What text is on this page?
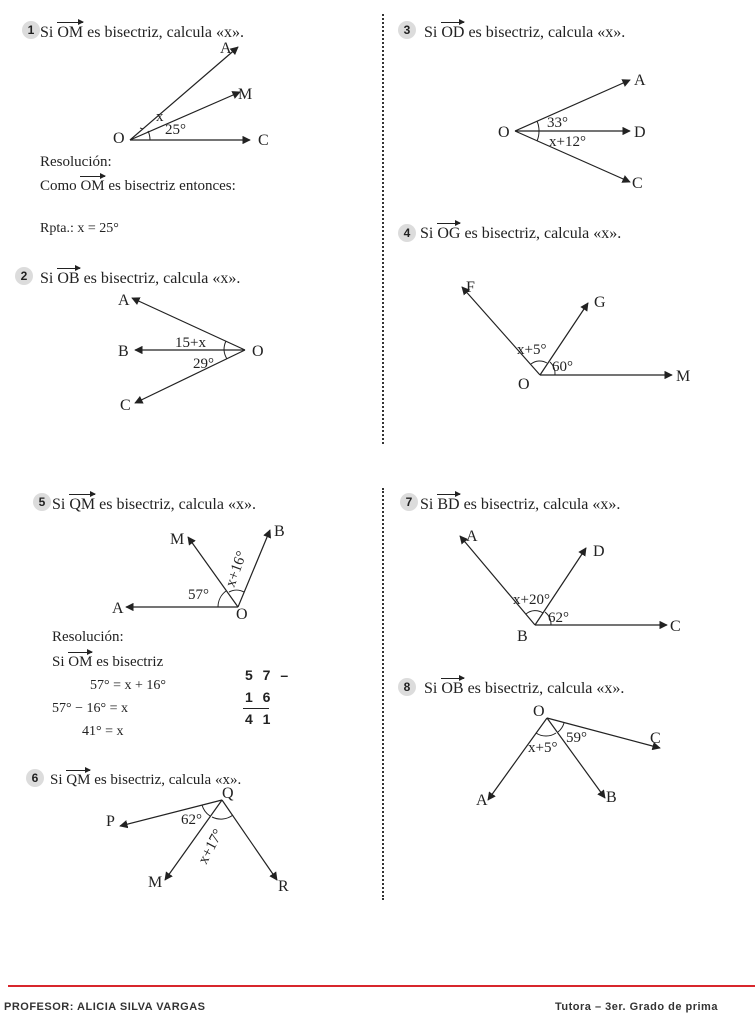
1 Si OM es bisectriz, calcula «x».
A
M
O	C
x
25°
Resolución:
Como OM es bisectriz entonces:
Rpta.: x = 25°
2 Si OB es bisectriz, calcula «x».
A
B
C
O
15+x
29°
3 Si OD es bisectriz, calcula «x».
A
D
C
O
33°
x+12°
4 Si OG es bisectriz, calcula «x».
F
G
M
O
x+5°
60°
5 Si QM es bisectriz, calcula «x».
M	B
A	O
57°
x+16°
Resolución:
Si OM es bisectriz
57° = x + 16°
57° − 16° = x
41° = x
5 7 –
1 6
4 1
6 Si QM es bisectriz, calcula «x».
P
Q
M	R
62°
x+17°
7 Si BD es bisectriz, calcula «x».
A
D
B
C
x+20°
62°
8 Si OB es bisectriz, calcula «x».
O
C
A	B
x+5°
59°
PROFESOR: ALICIA SILVA VARGAS	Tutora – 3er. Grado de prima
